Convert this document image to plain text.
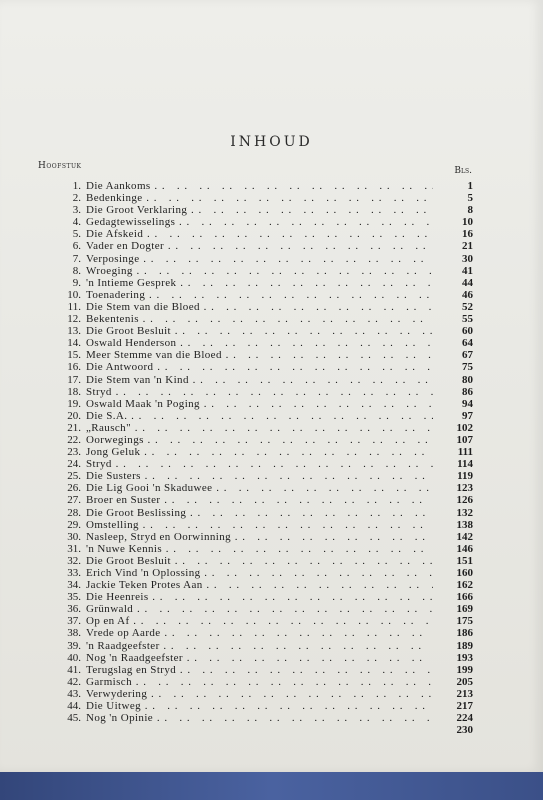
INHOUD
Hoofstuk	Bls.
1. Die Aankoms . .	1
2. Bedenkinge . .	5
3. Die Groot Verklaring . .	8
4. Gedagtewisselings . .	10
5. Die Afskeid . .	16
6. Vader en Dogter . .	21
7. Verposinge . .	30
8. Wroeging . .	41
9. 'n Intieme Gesprek . .	44
10. Toenadering . .	46
11. Die Stem van die Bloed . .	52
12. Bekentenis . .	55
13. Die Groot Besluit . .	60
14. Oswald Henderson . .	64
15. Meer Stemme van die Bloed . .	67
16. Die Antwoord . .	75
17. Die Stem van 'n Kind . .	80
18. Stryd . .	86
19. Oswald Maak 'n Poging . .	94
20. Die S.A. . .	97
21. „Rausch" . .	102
22. Oorwegings . .	107
23. Jong Geluk . .	111
24. Stryd . .	114
25. Die Susters . .	119
26. Die Lig Gooi 'n Skaduwee . .	123
27. Broer en Suster . .	126
28. Die Groot Beslissing . .	132
29. Omstelling . .	138
30. Nasleep, Stryd en Oorwinning . .	142
31. 'n Nuwe Kennis . .	146
32. Die Groot Besluit . .	151
33. Erich Vind 'n Oplossing . .	160
34. Jackie Teken Protes Aan . .	162
35. Die Heenreis . .	166
36. Grünwald . .	169
37. Op en Af . .	175
38. Vrede op Aarde . .	186
39. 'n Raadgeefster . .	189
40. Nog 'n Raadgeefster . .	193
41. Terugslag en Stryd . .	199
42. Garmisch . .	205
43. Verwydering . .	213
44. Die Uitweg . .	217
45. Nog 'n Opinie . .	224
230
